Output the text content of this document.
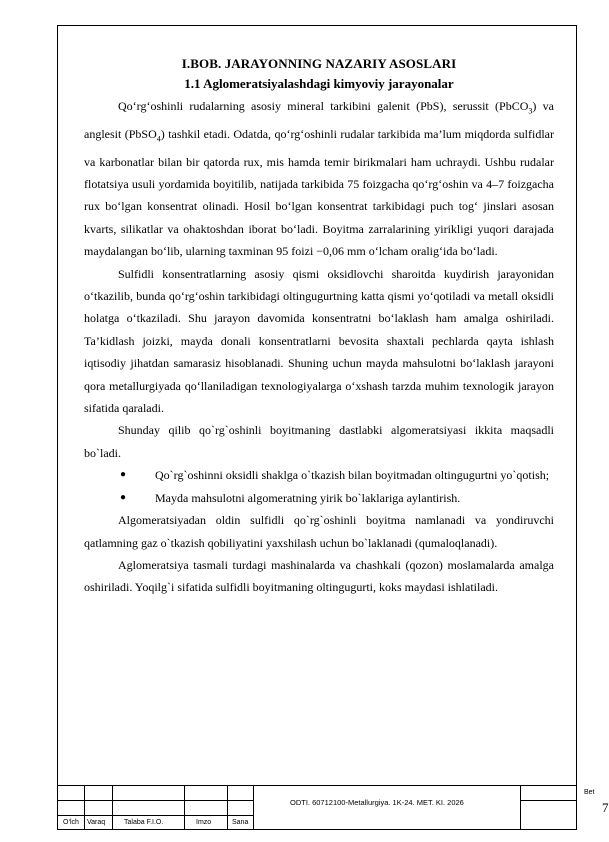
I.BOB. JARAYONNING NAZARIY ASOSLARI
1.1 Aglomeratsiyalashdagi kimyoviy jarayonalar

Qo‘rg‘oshinli rudalarning asosiy mineral tarkibini galenit (PbS), serussit (PbCO$_3$) va anglesit (PbSO$_4$) tashkil etadi. Odatda, qo‘rg‘oshinli rudalar tarkibida ma’lum miqdorda sulfidlar va karbonatlar bilan bir qatorda rux, mis hamda temir birikmalari ham uchraydi. Ushbu rudalar flotatsiya usuli yordamida boyitilib, natijada tarkibida 75 foizgacha qo‘rg‘oshin va 4–7 foizgacha rux bo‘lgan konsentrat olinadi. Hosil bo‘lgan konsentrat tarkibidagi puch tog‘ jinslari asosan kvarts, silikatlar va ohaktoshdan iborat bo‘ladi. Boyitma zarralarining yirikligi yuqori darajada maydalangan bo‘lib, ularning taxminan 95 foizi −0,06 mm o‘lcham oralig‘ida bo‘ladi.

Sulfidli konsentratlarning asosiy qismi oksidlovchi sharoitda kuydirish jarayonidan o‘tkazilib, bunda qo‘rg‘oshin tarkibidagi oltingugurtning katta qismi yo‘qotiladi va metall oksidli holatga o‘tkaziladi. Shu jarayon davomida konsentratni bo‘laklash ham amalga oshiriladi. Ta’kidlash joizki, mayda donali konsentratlarni bevosita shaxtali pechlarda qayta ishlash iqtisodiy jihatdan samarasiz hisoblanadi. Shuning uchun mayda mahsulotni bo‘laklash jarayoni qora metallurgiyada qo‘llaniladigan texnologiyalarga o‘xshash tarzda muhim texnologik jarayon sifatida qaraladi.

Shunday qilib qo`rg`oshinli boyitmaning dastlabki algomeratsiyasi ikkita maqsadli bo`ladi.

● Qo`rg`oshinni oksidli shaklga o`tkazish bilan boyitmadan oltingugurtni yo`qotish;

● Mayda mahsulotni algomeratning yirik bo`laklariga aylantirish.

Algomeratsiyadan oldin sulfidli qo`rg`oshinli boyitma namlanadi va yondiruvchi qatlamning gaz o`tkazish qobiliyatini yaxshilash uchun bo`laklanadi (qumaloqlanadi).

Aglomeratsiya tasmali turdagi mashinalarda va chashkali (qozon) moslamalarda amalga oshiriladi. Yoqilg`i sifatida sulfidli boyitmaning oltingugurti, koks maydasi ishlatiladi.

O‘lch Varaq	Talaba F.I.O.	Imzo	Sana
ODTI. 60712100-Metallurgiya. 1K-24. MET. KI. 2026
Bet
7
